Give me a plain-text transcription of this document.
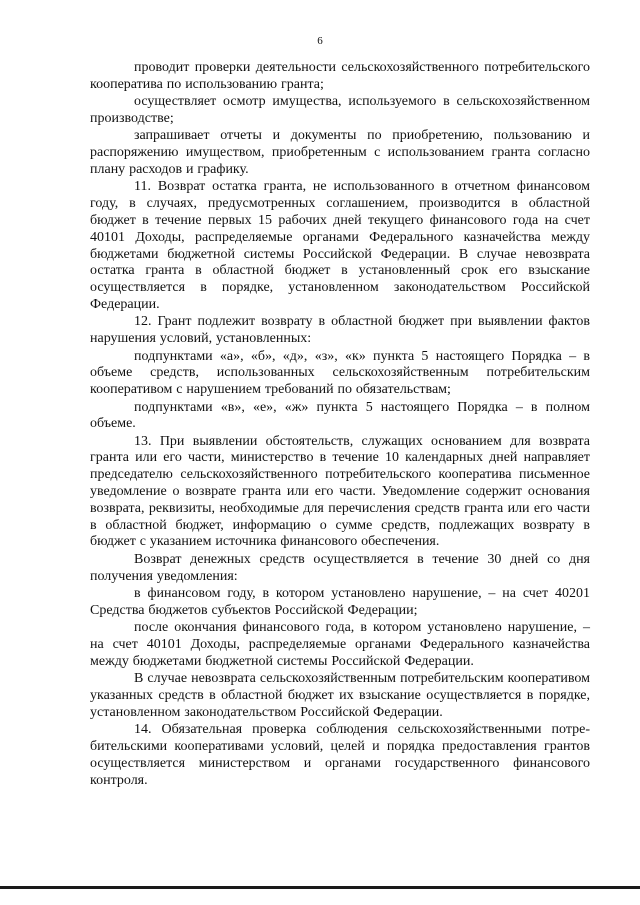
6

проводит проверки деятельности сельскохозяйственного потребительского кооператива по использованию гранта;

осуществляет осмотр имущества, используемого в сельскохозяйственном производстве;

запрашивает отчеты и документы по приобретению, пользованию и распоряжению имуществом, приобретенным с использованием гранта согласно плану расходов и графику.

11. Возврат остатка гранта, не использованного в отчетном финансовом году, в случаях, предусмотренных соглашением, производится в областной бюджет в течение первых 15 рабочих дней текущего финансового года на счет 40101 Доходы, распределяемые органами Федерального казначейства между бюджетами бюджетной системы Российской Федерации. В случае невозврата остатка гранта в областной бюджет в установленный срок его взыскание осуществляется в порядке, установленном законодательством Российской Федерации.

12. Грант подлежит возврату в областной бюджет при выявлении фактов нарушения условий, установленных:

подпунктами «а», «б», «д», «з», «к» пункта 5 настоящего Порядка – в объеме средств, использованных сельскохозяйственным потребительским кооперативом с нарушением требований по обязательствам;

подпунктами «в», «е», «ж» пункта 5 настоящего Порядка – в полном объеме.

13. При выявлении обстоятельств, служащих основанием для возврата гранта или его части, министерство в течение 10 календарных дней направляет председателю сельскохозяйственного потребительского кооператива письменное уведомление о возврате гранта или его части. Уведомление содержит основания возврата, реквизиты, необходимые для перечисления средств гранта или его части в областной бюджет, информацию о сумме средств, подлежащих возврату в бюджет с указанием источника финансового обеспечения.

Возврат денежных средств осуществляется в течение 30 дней со дня получения уведомления:

в финансовом году, в котором установлено нарушение, – на счет 40201 Средства бюджетов субъектов Российской Федерации;

после окончания финансового года, в котором установлено нарушение, – на счет 40101 Доходы, распределяемые органами Федерального казначейства между бюджетами бюджетной системы Российской Федерации.

В случае невозврата сельскохозяйственным потребительским кооперативом указанных средств в областной бюджет их взыскание осуществляется в порядке, установленном законодательством Российской Федерации.

14. Обязательная проверка соблюдения сельскохозяйственными потребительскими кооперативами условий, целей и порядка предоставления грантов осуществляется министерством и органами государственного финансового контроля.
